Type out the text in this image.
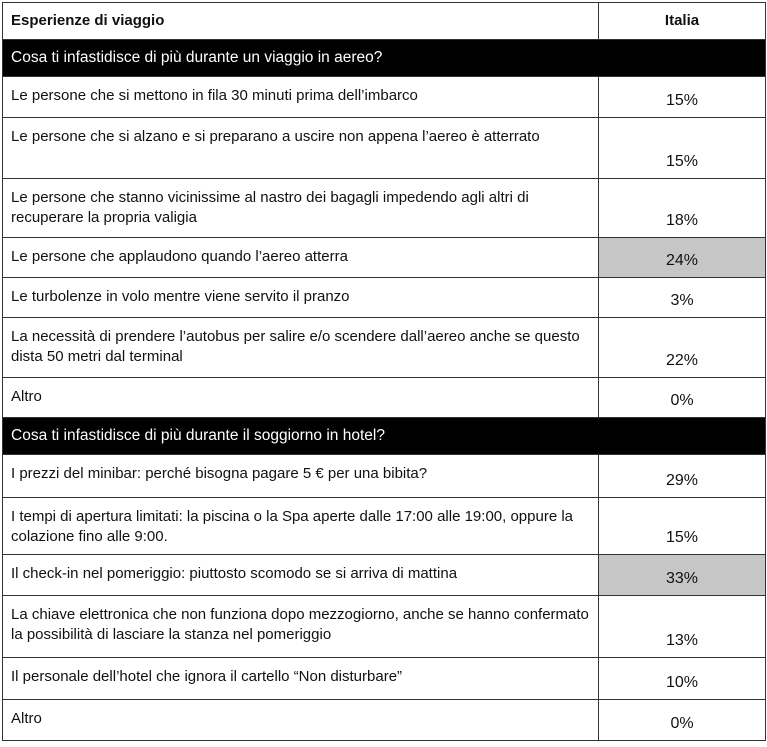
Esperienze di viaggio	Italia
Cosa ti infastidisce di più durante un viaggio in aereo?	
Le persone che si mettono in fila 30 minuti prima dell’imbarco	15%
Le persone che si alzano e si preparano a uscire non appena l’aereo è atterrato	15%
Le persone che stanno vicinissime al nastro dei bagagli impedendo agli altri di recuperare la propria valigia	18%
Le persone che applaudono quando l’aereo atterra	24%
Le turbolenze in volo mentre viene servito il pranzo	3%
La necessità di prendere l’autobus per salire e/o scendere dall’aereo anche se questo dista 50 metri dal terminal	22%
Altro	0%
Cosa ti infastidisce di più durante il soggiorno in hotel?	
I prezzi del minibar: perché bisogna pagare 5 € per una bibita?	29%
I tempi di apertura limitati: la piscina o la Spa aperte dalle 17:00 alle 19:00, oppure la colazione fino alle 9:00.	15%
Il check-in nel pomeriggio: piuttosto scomodo se si arriva di mattina	33%
La chiave elettronica che non funziona dopo mezzogiorno, anche se hanno confermato la possibilità di lasciare la stanza nel pomeriggio	13%
Il personale dell’hotel che ignora il cartello “Non disturbare”	10%
Altro	0%
